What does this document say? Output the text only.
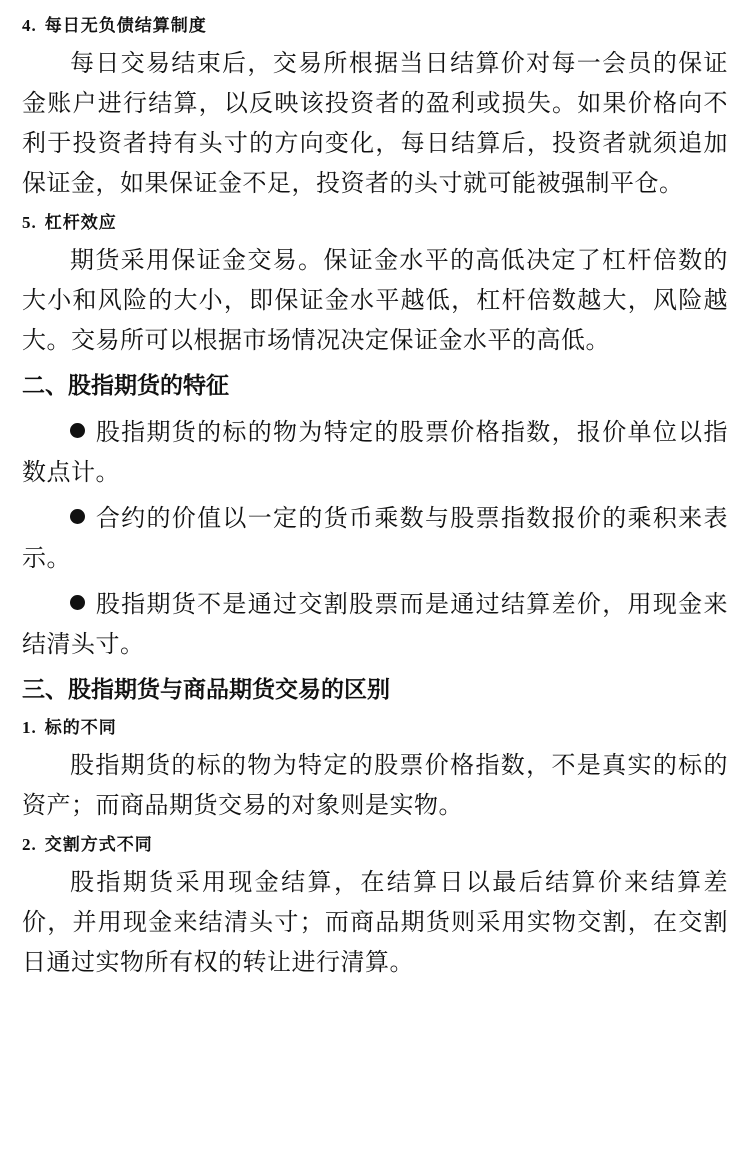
4. 每日无负债结算制度

每日交易结束后，交易所根据当日结算价对每一会员的保证金账户进行结算，以反映该投资者的盈利或损失。如果价格向不利于投资者持有头寸的方向变化，每日结算后，投资者就须追加保证金，如果保证金不足，投资者的头寸就可能被强制平仓。

5. 杠杆效应

期货采用保证金交易。保证金水平的高低决定了杠杆倍数的大小和风险的大小，即保证金水平越低，杠杆倍数越大，风险越大。交易所可以根据市场情况决定保证金水平的高低。

二、股指期货的特征

股指期货的标的物为特定的股票价格指数，报价单位以指数点计。

合约的价值以一定的货币乘数与股票指数报价的乘积来表示。

股指期货不是通过交割股票而是通过结算差价，用现金来结清头寸。

三、股指期货与商品期货交易的区别
1. 标的不同

股指期货的标的物为特定的股票价格指数，不是真实的标的资产；而商品期货交易的对象则是实物。

2. 交割方式不同

股指期货采用现金结算，在结算日以最后结算价来结算差价，并用现金来结清头寸；而商品期货则采用实物交割，在交割日通过实物所有权的转让进行清算。
